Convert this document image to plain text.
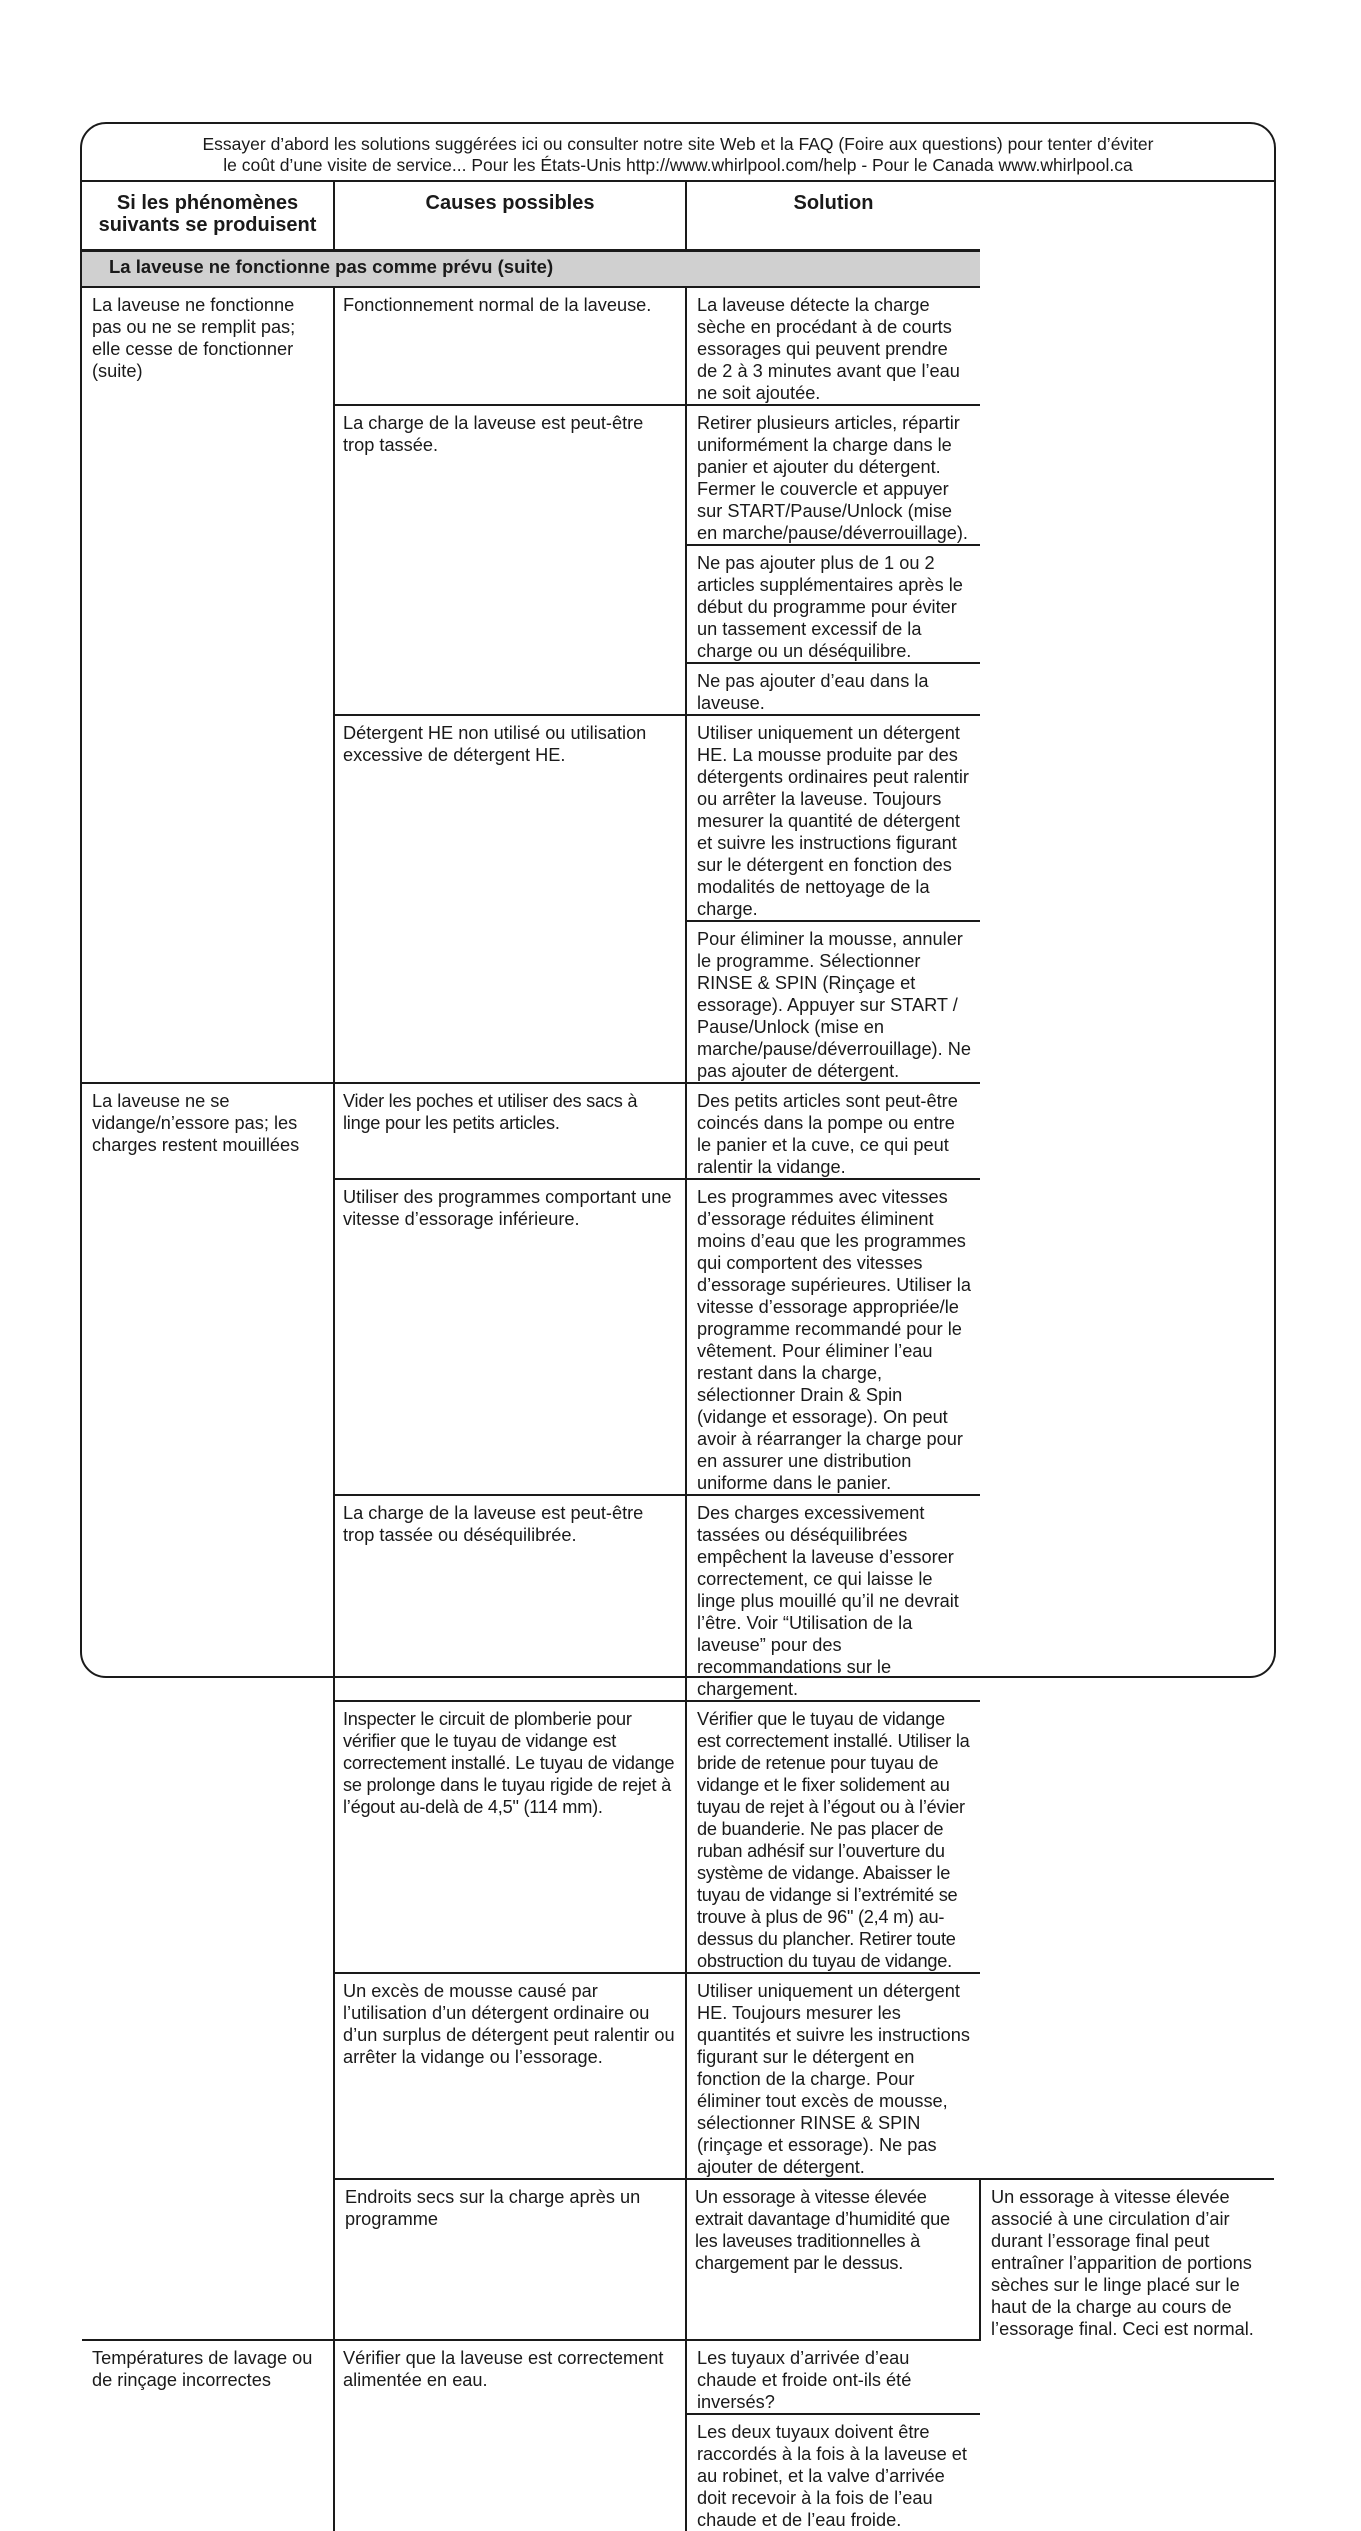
Essayer d’abord les solutions suggérées ici ou consulter notre site Web et la FAQ (Foire aux questions) pour tenter d’éviter
le coût d’une visite de service... Pour les États-Unis http://www.whirlpool.com/help - Pour le Canada www.whirlpool.ca
Si les phénomènes suivants se produisent	Causes possibles	Solution	
La laveuse ne fonctionne pas comme prévu (suite)			
La laveuse ne fonctionne pas ou ne se remplit pas; elle cesse de fonctionner (suite)	Fonctionnement normal de la laveuse.	La laveuse détecte la charge sèche en procédant à de courts essorages qui peuvent prendre de 2 à 3 minutes avant que l’eau ne soit ajoutée.	
	La charge de la laveuse est peut-être trop tassée.	Retirer plusieurs articles, répartir uniformément la charge dans le panier et ajouter du détergent. Fermer le couvercle et appuyer sur START/Pause/Unlock (mise en marche/pause/déverrouillage).	
		Ne pas ajouter plus de 1 ou 2 articles supplémentaires après le début du programme pour éviter un tassement excessif de la charge ou un déséquilibre.	
		Ne pas ajouter d’eau dans la laveuse.	
	Détergent HE non utilisé ou utilisation excessive de détergent HE.	Utiliser uniquement un détergent HE. La mousse produite par des détergents ordinaires peut ralentir ou arrêter la laveuse. Toujours mesurer la quantité de détergent et suivre les instructions figurant sur le détergent en fonction des modalités de nettoyage de la charge.	
		Pour éliminer la mousse, annuler le programme. Sélectionner RINSE & SPIN (Rinçage et essorage). Appuyer sur START / Pause/Unlock (mise en marche/pause/déverrouillage). Ne pas ajouter de détergent.	
La laveuse ne se vidange/n’essore pas; les charges restent mouillées	Vider les poches et utiliser des sacs à linge pour les petits articles.	Des petits articles sont peut-être coincés dans la pompe ou entre le panier et la cuve, ce qui peut ralentir la vidange.	
	Utiliser des programmes comportant une vitesse d’essorage inférieure.	Les programmes avec vitesses d’essorage réduites éliminent moins d’eau que les programmes qui comportent des vitesses d’essorage supérieures. Utiliser la vitesse d’essorage appropriée/le programme recommandé pour le vêtement. Pour éliminer l’eau restant dans la charge, sélectionner Drain & Spin (vidange et essorage). On peut avoir à réarranger la charge pour en assurer une distribution uniforme dans le panier.	
	La charge de la laveuse est peut-être trop tassée ou déséquilibrée.	Des charges excessivement tassées ou déséquilibrées empêchent la laveuse d’essorer correctement, ce qui laisse le linge plus mouillé qu’il ne devrait l’être. Voir “Utilisation de la laveuse” pour des recommandations sur le chargement.	
	Inspecter le circuit de plomberie pour vérifier que le tuyau de vidange est correctement installé. Le tuyau de vidange se prolonge dans le tuyau rigide de rejet à l’égout au-delà de 4,5" (114 mm).	Vérifier que le tuyau de vidange est correctement installé. Utiliser la bride de retenue pour tuyau de vidange et le fixer solidement au tuyau de rejet à l’égout ou à l’évier de buanderie. Ne pas placer de ruban adhésif sur l’ouverture du système de vidange. Abaisser le tuyau de vidange si l’extrémité se trouve à plus de 96" (2,4 m) au-dessus du plancher. Retirer toute obstruction du tuyau de vidange.	
	Un excès de mousse causé par l’utilisation d’un détergent ordinaire ou d’un surplus de détergent peut ralentir ou arrêter la vidange ou l’essorage.	Utiliser uniquement un détergent HE. Toujours mesurer les quantités et suivre les instructions figurant sur le détergent en fonction de la charge. Pour éliminer tout excès de mousse, sélectionner RINSE & SPIN (rinçage et essorage). Ne pas ajouter de détergent.	
	Endroits secs sur la charge après un programme	Un essorage à vitesse élevée extrait davantage d’humidité que les laveuses traditionnelles à chargement par le dessus.	Un essorage à vitesse élevée associé à une circulation d’air durant l’essorage final peut entraîner l’apparition de portions sèches sur le linge placé sur le haut de la charge au cours de l’essorage final. Ceci est normal.
Températures de lavage ou de rinçage incorrectes	Vérifier que la laveuse est correctement alimentée en eau.	Les tuyaux d’arrivée d’eau chaude et froide ont-ils été inversés?	
		Les deux tuyaux doivent être raccordés à la fois à la laveuse et au robinet, et la valve d’arrivée doit recevoir à la fois de l’eau chaude et de l’eau froide.	
